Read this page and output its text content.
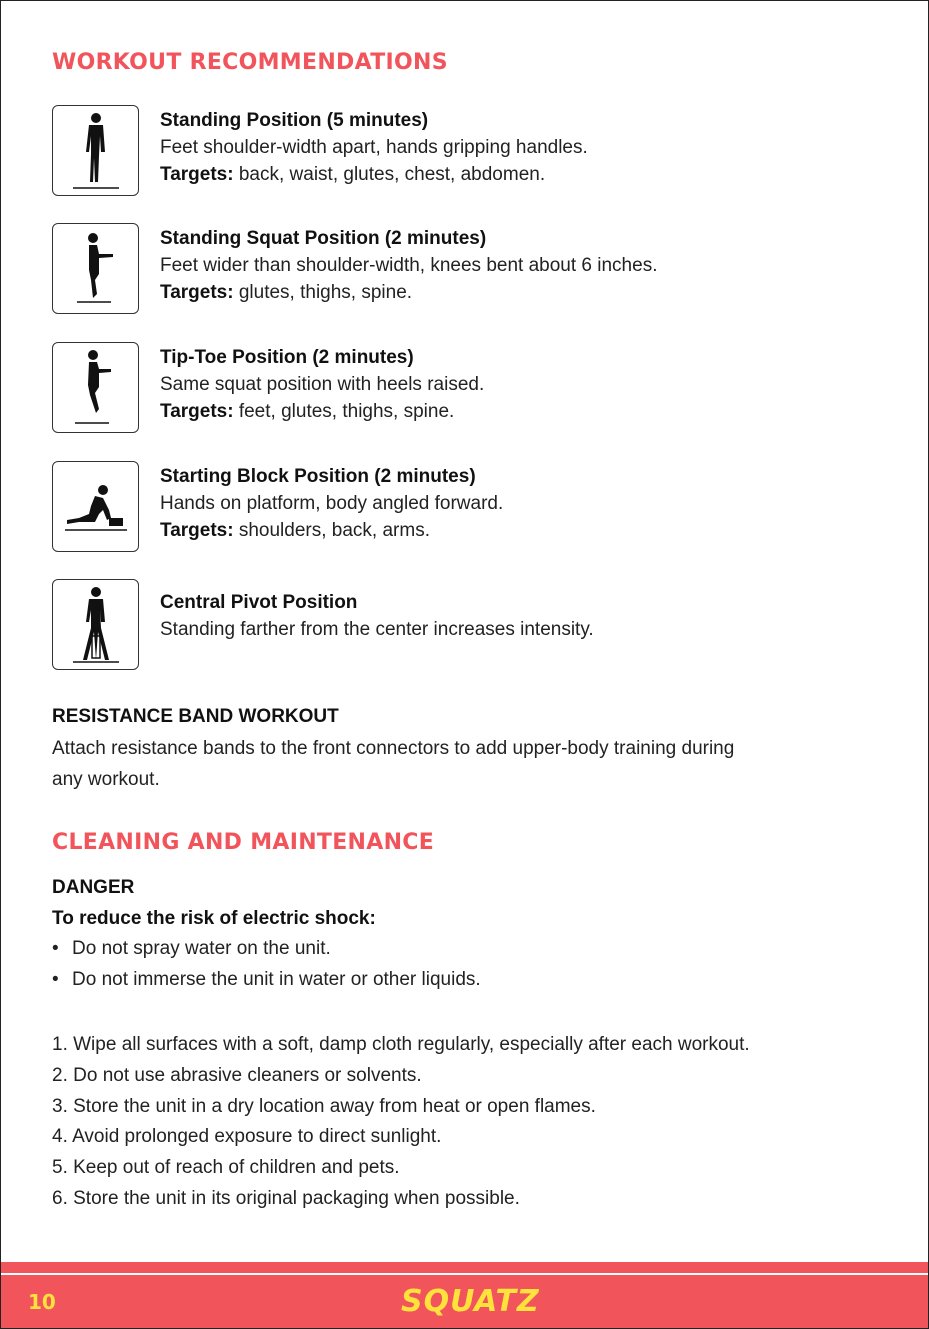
WORKOUT RECOMMENDATIONS
Standing Position (5 minutes)
Feet shoulder-width apart, hands gripping handles.
Targets: back, waist, glutes, chest, abdomen.
Standing Squat Position (2 minutes)
Feet wider than shoulder-width, knees bent about 6 inches.
Targets: glutes, thighs, spine.
Tip-Toe Position (2 minutes)
Same squat position with heels raised.
Targets: feet, glutes, thighs, spine.
Starting Block Position (2 minutes)
Hands on platform, body angled forward.
Targets: shoulders, back, arms.
Central Pivot Position
Standing farther from the center increases intensity.
RESISTANCE BAND WORKOUT
Attach resistance bands to the front connectors to add upper-body training during
any workout.
CLEANING AND MAINTENANCE
DANGER
To reduce the risk of electric shock:
• Do not spray water on the unit.
• Do not immerse the unit in water or other liquids.
1. Wipe all surfaces with a soft, damp cloth regularly, especially after each workout.
2. Do not use abrasive cleaners or solvents.
3. Store the unit in a dry location away from heat or open flames.
4. Avoid prolonged exposure to direct sunlight.
5. Keep out of reach of children and pets.
6. Store the unit in its original packaging when possible.
10	SQUATZ
